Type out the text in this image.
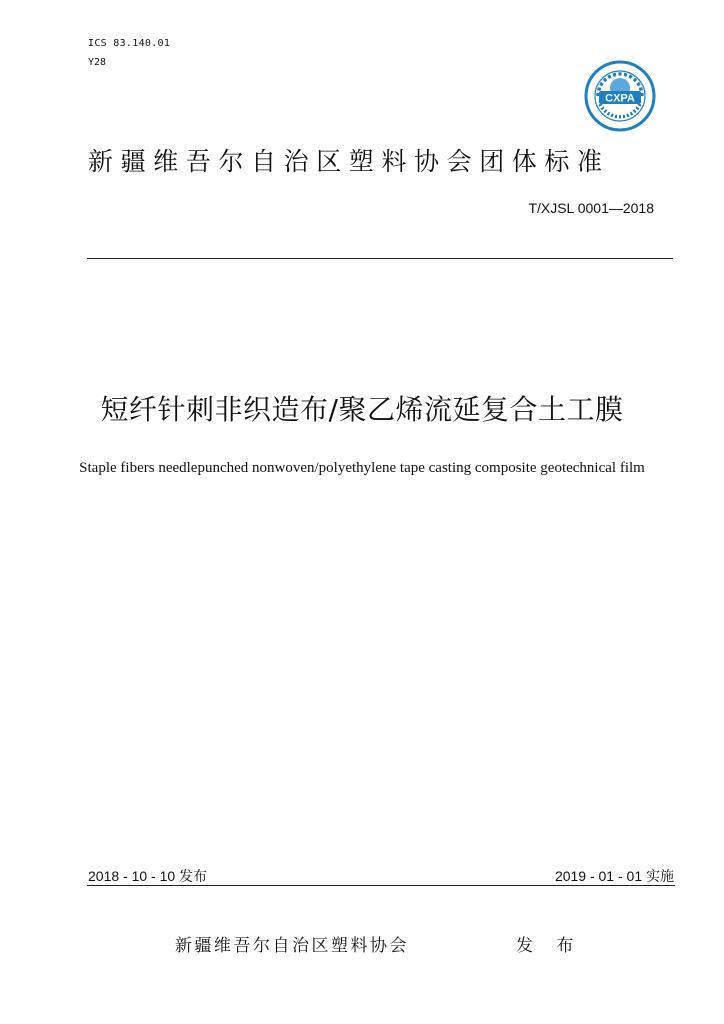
ICS 83.140.01
Y28
CXPA
新疆维吾尔自治区塑料协会团体标准
T/XJSL 0001—2018
短纤针刺非织造布/聚乙烯流延复合土工膜
Staple fibers needlepunched nonwoven/polyethylene tape casting composite geotechnical film
2018 - 10 - 10 发布	2019 - 01 - 01 实施
新疆维吾尔自治区塑料协会	发 布
